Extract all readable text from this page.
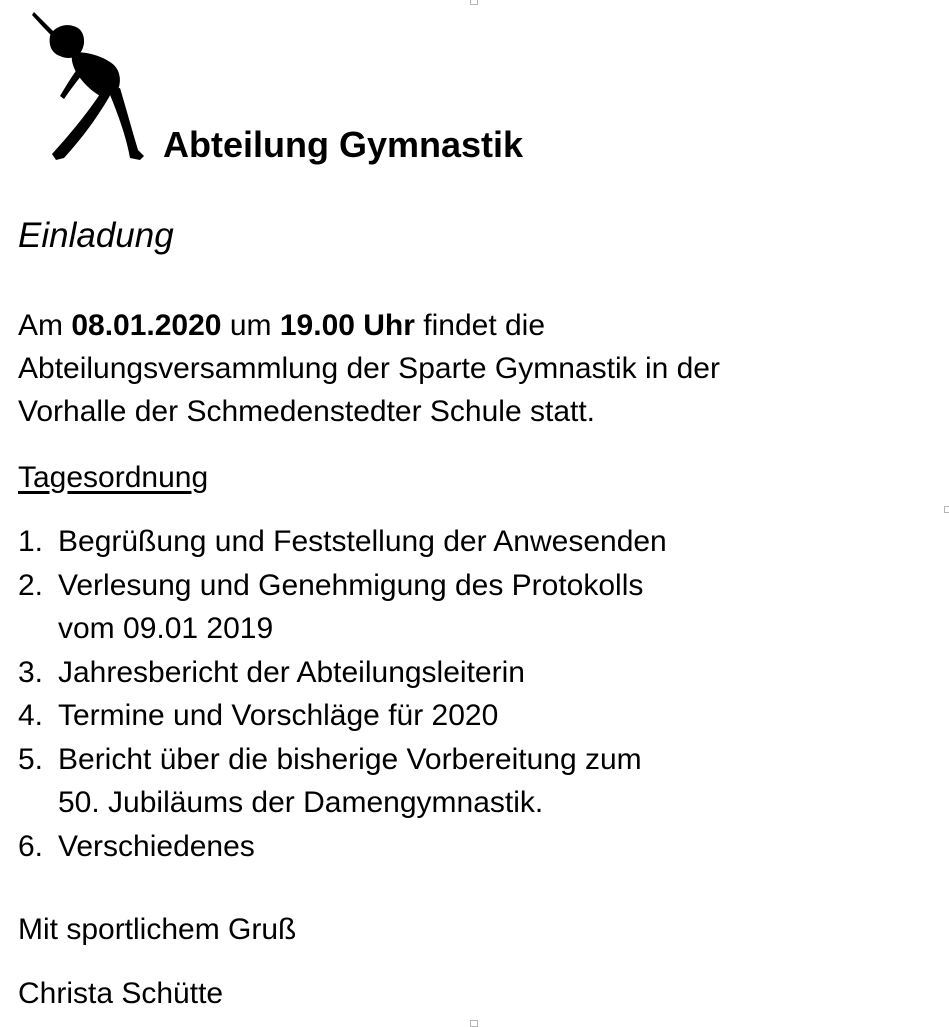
Abteilung Gymnastik
Einladung
Am 08.01.2020 um 19.00 Uhr findet die
Abteilungsversammlung der Sparte Gymnastik in der
Vorhalle der Schmedenstedter Schule statt.
Tagesordnung
1. Begrüßung und Feststellung der Anwesenden
2. Verlesung und Genehmigung des Protokolls
vom 09.01 2019
3. Jahresbericht der Abteilungsleiterin
4. Termine und Vorschläge für 2020
5. Bericht über die bisherige Vorbereitung zum
50. Jubiläums der Damengymnastik.
6. Verschiedenes
Mit sportlichem Gruß
Christa Schütte
